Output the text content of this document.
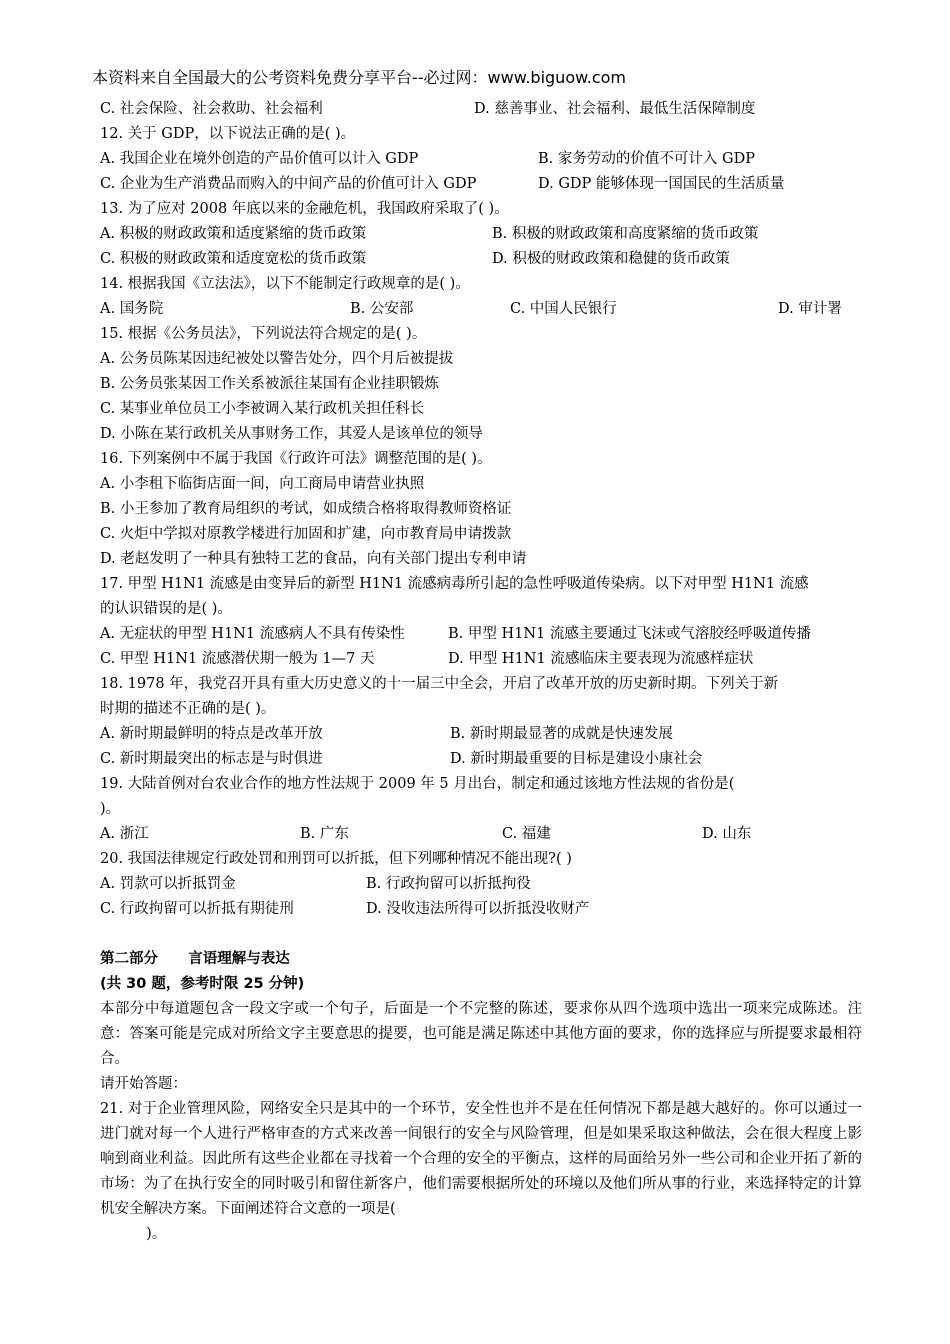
本资料来自全国最大的公考资料免费分享平台--必过网：www.biguow.com
C. 社会保险、社会救助、社会福利	D. 慈善事业、社会福利、最低生活保障制度
12. 关于 GDP，以下说法正确的是( )。
A. 我国企业在境外创造的产品价值可以计入 GDP	B. 家务劳动的价值不可计入 GDP
C. 企业为生产消费品而购入的中间产品的价值可计入 GDP	D. GDP 能够体现一国国民的生活质量
13. 为了应对 2008 年底以来的金融危机，我国政府采取了( )。
A. 积极的财政政策和适度紧缩的货币政策	B. 积极的财政政策和高度紧缩的货币政策
C. 积极的财政政策和适度宽松的货币政策	D. 积极的财政政策和稳健的货币政策
14. 根据我国《立法法》，以下不能制定行政规章的是( )。
A. 国务院	B. 公安部	C. 中国人民银行	D. 审计署
15. 根据《公务员法》，下列说法符合规定的是( )。
A. 公务员陈某因违纪被处以警告处分，四个月后被提拔
B. 公务员张某因工作关系被派往某国有企业挂职锻炼
C. 某事业单位员工小李被调入某行政机关担任科长
D. 小陈在某行政机关从事财务工作，其爱人是该单位的领导
16. 下列案例中不属于我国《行政许可法》调整范围的是( )。
A. 小李租下临街店面一间，向工商局申请营业执照
B. 小王参加了教育局组织的考试，如成绩合格将取得教师资格证
C. 火炬中学拟对原教学楼进行加固和扩建，向市教育局申请拨款
D. 老赵发明了一种具有独特工艺的食品，向有关部门提出专利申请
17. 甲型 H1N1 流感是由变异后的新型 H1N1 流感病毒所引起的急性呼吸道传染病。以下对甲型 H1N1 流感
的认识错误的是( )。
A. 无症状的甲型 H1N1 流感病人不具有传染性	B. 甲型 H1N1 流感主要通过飞沫或气溶胶经呼吸道传播
C. 甲型 H1N1 流感潜伏期一般为 1—7 天	D. 甲型 H1N1 流感临床主要表现为流感样症状
18. 1978 年，我党召开具有重大历史意义的十一届三中全会，开启了改革开放的历史新时期。下列关于新
时期的描述不正确的是( )。
A. 新时期最鲜明的特点是改革开放	B. 新时期最显著的成就是快速发展
C. 新时期最突出的标志是与时俱进	D. 新时期最重要的目标是建设小康社会
19. 大陆首例对台农业合作的地方性法规于 2009 年 5 月出台，制定和通过该地方性法规的省份是(
)。
A. 浙江	B. 广东	C. 福建	D. 山东
20. 我国法律规定行政处罚和刑罚可以折抵，但下列哪种情况不能出现?( )
A. 罚款可以折抵罚金	B. 行政拘留可以折抵拘役
C. 行政拘留可以折抵有期徒刑	D. 没收违法所得可以折抵没收财产
第二部分      言语理解与表达
(共 30 题，参考时限 25 分钟)
本部分中每道题包含一段文字或一个句子，后面是一个不完整的陈述，要求你从四个选项中选出一项来完成陈述。注意：答案可能是完成对所给文字主要意思的提要，也可能是满足陈述中其他方面的要求，你的选择应与所提要求最相符合。
请开始答题：
21. 对于企业管理风险，网络安全只是其中的一个环节，安全性也并不是在任何情况下都是越大越好的。你可以通过一进门就对每一个人进行严格审查的方式来改善一间银行的安全与风险管理，但是如果采取这种做法，会在很大程度上影响到商业利益。因此所有这些企业都在寻找着一个合理的安全的平衡点，这样的局面给另外一些公司和企业开拓了新的市场：为了在执行安全的同时吸引和留住新客户，他们需要根据所处的环境以及他们所从事的行业，来选择特定的计算机安全解决方案。下面阐述符合文意的一项是(
)。
